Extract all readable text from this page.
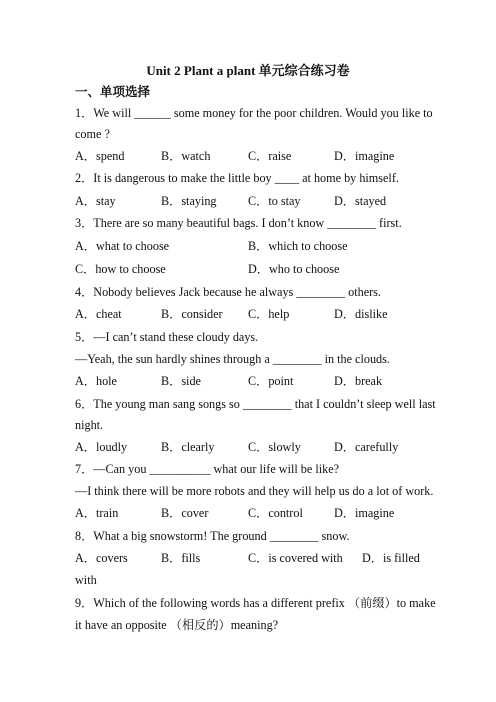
Unit 2 Plant a plant 单元综合练习卷
一、单项选择
1．We will ______ some money for the poor children. Would you like to
come ?
A．spend	B．watch	C．raise	D．imagine
2．It is dangerous to make the little boy ____ at home by himself.
A．stay	B．staying	C．to stay	D．stayed
3．There are so many beautiful bags. I don’t know ________ first.
A．what to choose	B．which to choose
C．how to choose	D．who to choose
4．Nobody believes Jack because he always ________ others.
A．cheat	B．consider C．help	D．dislike
5．—I can’t stand these cloudy days.
—Yeah, the sun hardly shines through a ________ in the clouds.
A．hole	B．side	C．point	D．break
6．The young man sang songs so ________ that I couldn’t sleep well last
night.
A．loudly	B．clearly	C．slowly	D．carefully
7．—Can you __________ what our life will be like?
—I think there will be more robots and they will help us do a lot of work.
A．train	B．cover	C．control	D．imagine
8．What a big snowstorm! The ground ________ snow.
A．covers	B．fills	C．is covered with D．is filled
with
9．Which of the following words has a different prefix （前缀）to make
it have an opposite （相反的）meaning?
